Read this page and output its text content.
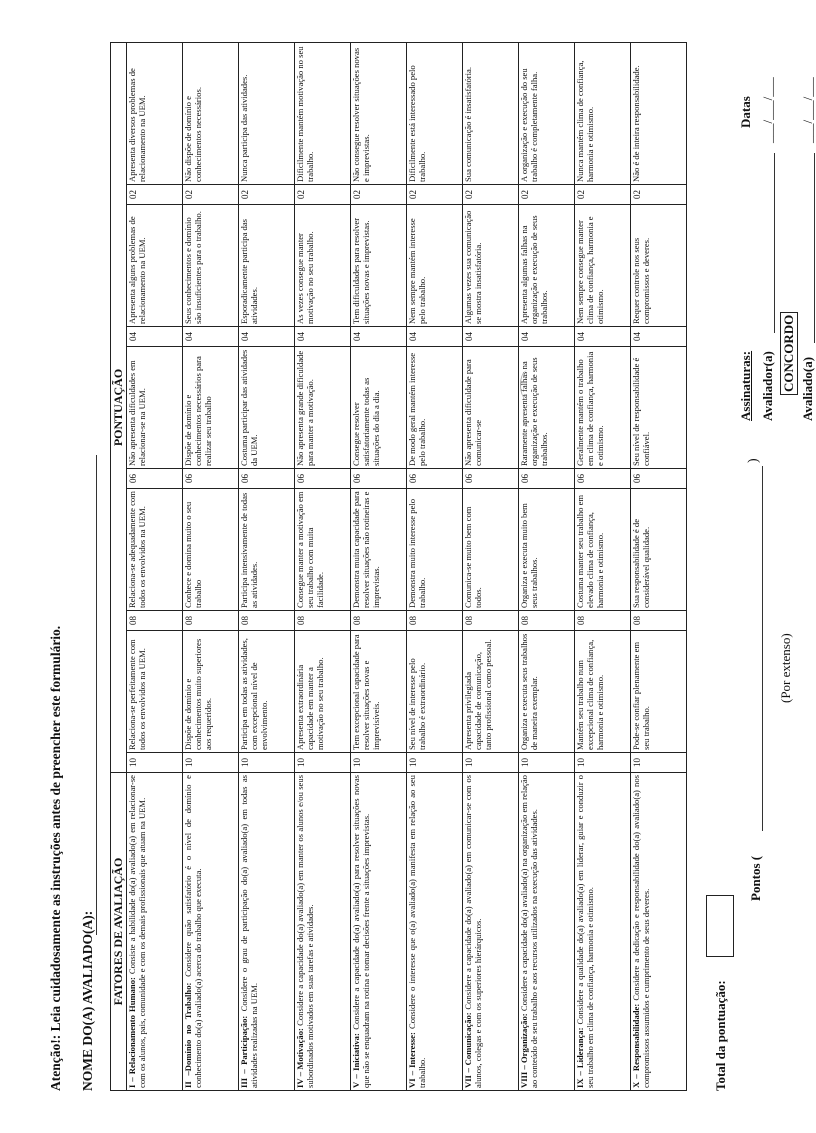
Atenção!: Leia cuidadosamente as instruções antes de preencher este formulário. NOME DO(A) AVALIADO(A): FATORES DE AVALIAÇÃO	PONTUAÇÃO									
I – Relacionamento Humano: Consiste a habilidade do(a) avaliado(a) em relacionar-se com os alunos, pais, comunidade e com os demais profissionais que atuam na UEM.	10	Relaciona-se perfeitamente com todos os envolvidos na UEM.	08	Relaciona-se adequadamente com todos os envolvidos na UEM.	06	Não apresenta dificuldades em relacionar-se na UEM.	04	Apresenta alguns problemas de relacionamento na UEM.	02	Apresenta diversos problemas de relacionamento na UEM.
II –Domínio no Trabalho: Considere quão satisfatório é o nível de domínio e conhecimento do(a) avaliado(a) acerca do trabalho que executa.	10	Dispõe de domínio e conhecimentos muito superiores aos requeridos.	08	Conhece e domina muito o seu trabalho	06	Dispõe de domínio e conhecimentos necessários para realizar seu trabalho	04	Seus conhecimentos e domínio são insuficientes para o trabalho.	02	Não dispõe de domínio e conhecimentos necessários.
III – Participação: Considere o grau de participação do(a) avaliado(a) em todas as atividades realizadas na UEM.	10	Participa em todas as atividades, com excepcional nível de envolvimento.	08	Participa intensivamente de todas as atividades.	06	Costuma participar das atividades da UEM.	04	Esporadicamente participa das atividades.	02	Nunca participa das atividades.
IV – Motivação: Considere a capacidade do(a) avaliado(a) em manter os alunos e/ou seus subordinados motivados em suas tarefas e atividades.	10	Apresenta extraordinária capacidade em manter a motivação no seu trabalho.	08	Consegue manter a motivação em seu trabalho com muita facilidade.	06	Não apresenta grande dificuldade para manter a motivação.	04	As vezes consegue manter motivação no seu trabalho.	02	Dificilmente mantém motivação no seu trabalho.
V – Iniciativa: Considere a capacidade do(a) avaliado(a) para resolver situações novas que não se enquadram na rotina e tomar decisões frente a situações imprevistas.	10	Tem excepcional capacidade para resolver situações novas e imprevisíveis.	08	Demonstra muita capacidade para resolver situações não rotineiras e imprevistas.	06	Consegue resolver satisfatoriamente todas as situações do dia a dia.	04	Tem dificuldades para resolver situações novas e imprevistas.	02	Não consegue resolver situações novas e imprevistas.
VI – Interesse: Considere o interesse que o(a) avaliado(a) manifesta em relação ao seu trabalho.	10	Seu nível de interesse pelo trabalho é extraordinário.	08	Demonstra muito interesse pelo trabalho.	06	De modo geral mantém interesse pelo trabalho.	04	Nem sempre mantém interesse pelo trabalho.	02	Dificilmente está interessado pelo trabalho.
VII – Comunicação: Considere a capacidade do(a) avaliado(a) em comunicar-se com os alunos, colegas e com os superiores hierárquicos.	10	Apresenta privilegiada capacidade de comunicação, tanto profissional como pessoal.	08	Comunica-se muito bem com todos.	06	Não apresenta dificuldade para comunicar-se	04	Algumas vezes sua comunicação se mostra insatisfatória.	02	Sua comunicação é insatisfatória.
VIII – Organização: Considere a capacidade do(a) avaliado(a) na organização em relação ao conteúdo de seu trabalho e aos recursos utilizados na execução das atividades.	10	Organiza e executa seus trabalhos de maneira exemplar.	08	Organiza e executa muito bem seus trabalhos.	06	Raramente apresenta falhas na organização e execução de seus trabalhos.	04	Apresenta algumas falhas na organização e execução de seus trabalhos.	02	A organização e execução do seu trabalho é completamente falha.
IX – Liderança: Considere a qualidade do(a) avaliado(a) em liderar, guiar e conduzir o seu trabalho em clima de confiança, harmonia e otimismo.	10	Mantém seu trabalho num excepcional clima de confiança, harmonia e otimismo.	08	Costuma manter seu trabalho em elevado clima de confiança, harmonia e otimismo.	06	Geralmente mantém o trabalho em clima de confiança, harmonia e otimismo.	04	Nem sempre consegue manter clima de confiança, harmonia e otimismo.	02	Nunca mantém clima de confiança, harmonia e otimismo.
X – Responsabilidade: Considere a dedicação e responsabilidade do(a) avaliado(a) nos compromissos assumidos e cumprimento de seus deveres.	10	Pode-se confiar plenamente em seu trabalho.	08	Sua responsabilidade é de considerável qualidade.	06	Seu nível de responsabilidade é confiável.	04	Requer controle nos seus compromissos e deveres.	02	Não é de inteira responsabilidade.
Total da pontuação:
Pontos (
)
(Por extenso)
Assinaturas: Avaliador(a) CONCORDO Avaliado(a)
Datas ___/___/___ ___/___/___
